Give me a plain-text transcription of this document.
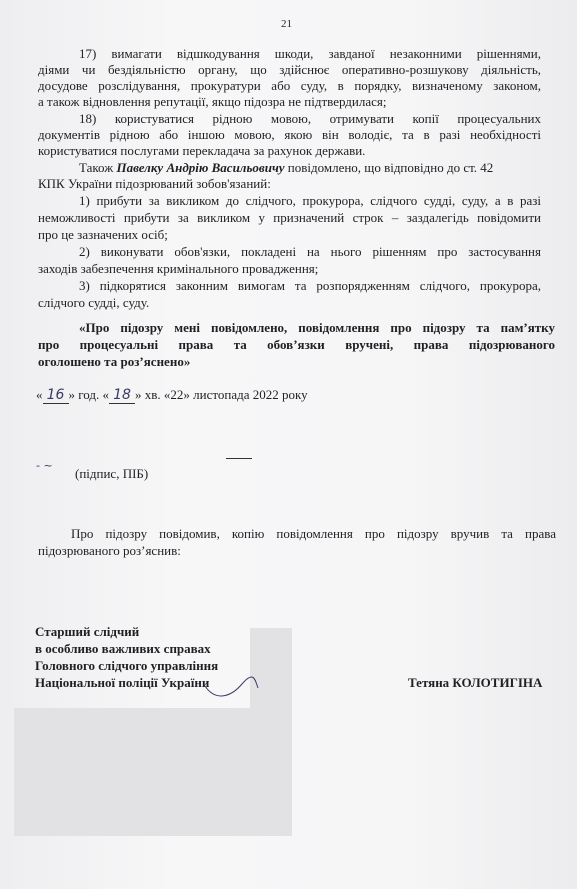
21
17) вимагати відшкодування шкоди, завданої незаконними рішеннями,
діями чи бездіяльністю органу, що здійснює оперативно-розшукову діяльність,
досудове розслідування, прокуратури або суду, в порядку, визначеному законом,
а також відновлення репутації, якщо підозра не підтвердилася;
18) користуватися рідною мовою, отримувати копії процесуальних
документів рідною або іншою мовою, якою він володіє, та в разі необхідності
користуватися послугами перекладача за рахунок держави.
Також Павелку Андрію Васильовичу повідомлено, що відповідно до ст. 42
КПК України підозрюваний зобов'язаний:
1) прибути за викликом до слідчого, прокурора, слідчого судді, суду, а в разі
неможливості прибути за викликом у призначений строк – заздалегідь повідомити
про це зазначених осіб;
2) виконувати обов'язки, покладені на нього рішенням про застосування
заходів забезпечення кримінального провадження;
3) підкорятися законним вимогам та розпорядженням слідчого, прокурора,
слідчого судді, суду.
«Про підозру мені повідомлено, повідомлення про підозру та пам’ятку
про процесуальні права та обов’язки вручені, права підозрюваного
оголошено та роз’яснено»
« 16 » год. « 18 » хв. «22» листопада 2022 року
- ~
(підпис, ПІБ)
Про підозру повідомив, копію повідомлення про підозру вручив та права
підозрюваного роз’яснив:
Старший слідчий
в особливо важливих справах
Головного слідчого управління
Національної поліції України	Тетяна КОЛОТИГІНА
